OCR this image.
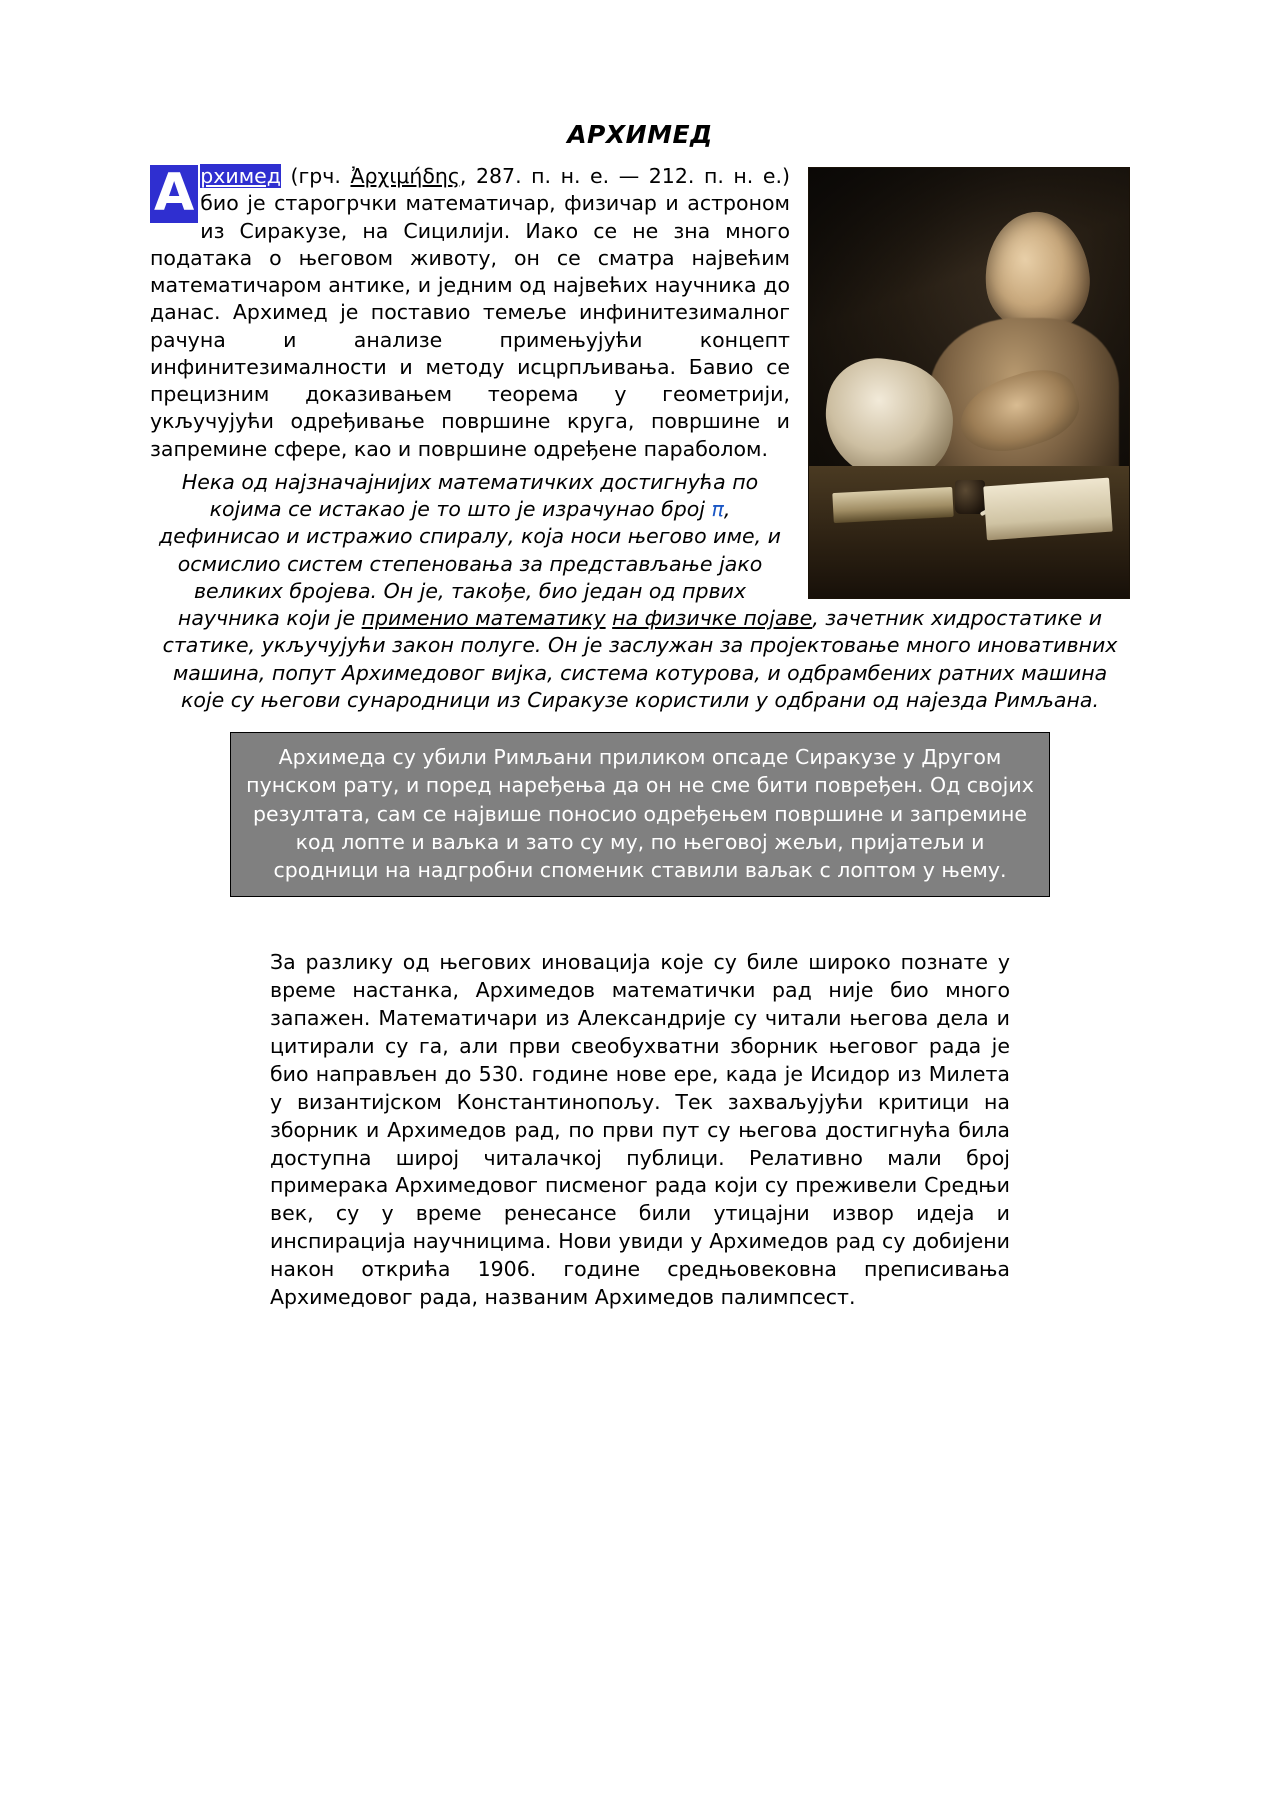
АРХИМЕД
А рхимед (грч. Ἀρχιμήδης, 287. п. н. е. — 212. п. н. е.) био је старогрчки математичар, физичар и астроном из Сиракузе, на Сицилији. Иако се не зна много података о његовом животу, он се сматра највећим математичаром антике, и једним од највећих научника до данас. Архимед је поставио темеље инфинитезималног рачуна и анализе примењујући концепт инфинитезималности и методу исцрпљивања. Бавио се прецизним доказивањем теорема у геометрији, укључујући одређивање површине круга, површине и запремине сфере, као и површине одређене параболом.
Нека од најзначајнијих математичких достигнућа по којима се истакао је то што је израчунао број π, дефинисао и истражио спиралу, која носи његово име, и осмислио систем степеновања за представљање јако великих бројева. Он је, такође, био један од првих научника који је применио математику на физичке појаве, зачетник хидростатике и статике, укључујући закон полуге. Он је заслужан за пројектовање много иновативних машина, попут Архимедовог вијка, система котурова, и одбрамбених ратних машина које су његови сународници из Сиракузе користили у одбрани од најезда Римљана.
Архимеда су убили Римљани приликом опсаде Сиракузе у Другом пунском рату, и поред наређења да он не сме бити повређен. Од својих резултата, сам се највише поносио одређењем површине и запремине код лопте и ваљка и зато су му, по његовој жељи, пријатељи и сродници на надгробни споменик ставили ваљак с лоптом у њему.
За разлику од његових иновација које су биле широко познате у време настанка, Архимедов математички рад није био много запажен. Математичари из Александрије су читали његова дела и цитирали су га, али први свеобухватни зборник његовог рада је био направљен до 530. године нове ере, када је Исидор из Милета у византијском Константинопољу. Тек захваљујући критици на зборник и Архимедов рад, по први пут су његова достигнућа била доступна широј читалачкој публици. Релативно мали број примерака Архимедовог писменог рада који су преживели Средњи век, су у време ренесансе били утицајни извор идеја и инспирација научницима. Нови увиди у Архимедов рад су добијени након открића 1906. године средњовековна преписивања Архимедовог рада, названим Архимедов палимпсест.
